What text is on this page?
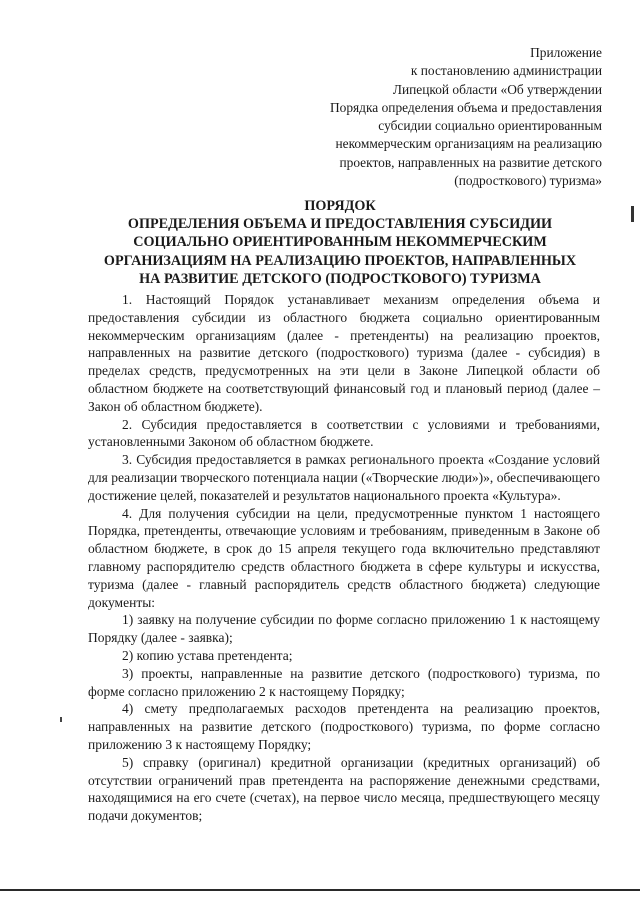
Приложение
к постановлению администрации
Липецкой области «Об утверждении
Порядка определения объема и предоставления
субсидии социально ориентированным
некоммерческим организациям на реализацию
проектов, направленных на развитие детского
(подросткового) туризма»
ПОРЯДОК
ОПРЕДЕЛЕНИЯ ОБЪЕМА И ПРЕДОСТАВЛЕНИЯ СУБСИДИИ
СОЦИАЛЬНО ОРИЕНТИРОВАННЫМ НЕКОММЕРЧЕСКИМ
ОРГАНИЗАЦИЯМ НА РЕАЛИЗАЦИЮ ПРОЕКТОВ, НАПРАВЛЕННЫХ
НА РАЗВИТИЕ ДЕТСКОГО (ПОДРОСТКОВОГО) ТУРИЗМА

1. Настоящий Порядок устанавливает механизм определения объема и предоставления субсидии из областного бюджета социально ориентированным некоммерческим организациям (далее - претенденты) на реализацию проектов, направленных на развитие детского (подросткового) туризма (далее - субсидия) в пределах средств, предусмотренных на эти цели в Законе Липецкой области об областном бюджете на соответствующий финансовый год и плановый период (далее – Закон об областном бюджете).

2. Субсидия предоставляется в соответствии с условиями и требованиями, установленными Законом об областном бюджете.

3. Субсидия предоставляется в рамках регионального проекта «Создание условий для реализации творческого потенциала нации («Творческие люди»)», обеспечивающего достижение целей, показателей и результатов национального проекта «Культура».

4. Для получения субсидии на цели, предусмотренные пунктом 1 настоящего Порядка, претенденты, отвечающие условиям и требованиям, приведенным в Законе об областном бюджете, в срок до 15 апреля текущего года включительно представляют главному распорядителю средств областного бюджета в сфере культуры и искусства, туризма (далее - главный распорядитель средств областного бюджета) следующие документы:

1) заявку на получение субсидии по форме согласно приложению 1 к настоящему Порядку (далее - заявка);

2) копию устава претендента;

3) проекты, направленные на развитие детского (подросткового) туризма, по форме согласно приложению 2 к настоящему Порядку;

4) смету предполагаемых расходов претендента на реализацию проектов, направленных на развитие детского (подросткового) туризма, по форме согласно приложению 3 к настоящему Порядку;

5) справку (оригинал) кредитной организации (кредитных организаций) об отсутствии ограничений прав претендента на распоряжение денежными средствами, находящимися на его счете (счетах), на первое число месяца, предшествующего месяцу подачи документов;
